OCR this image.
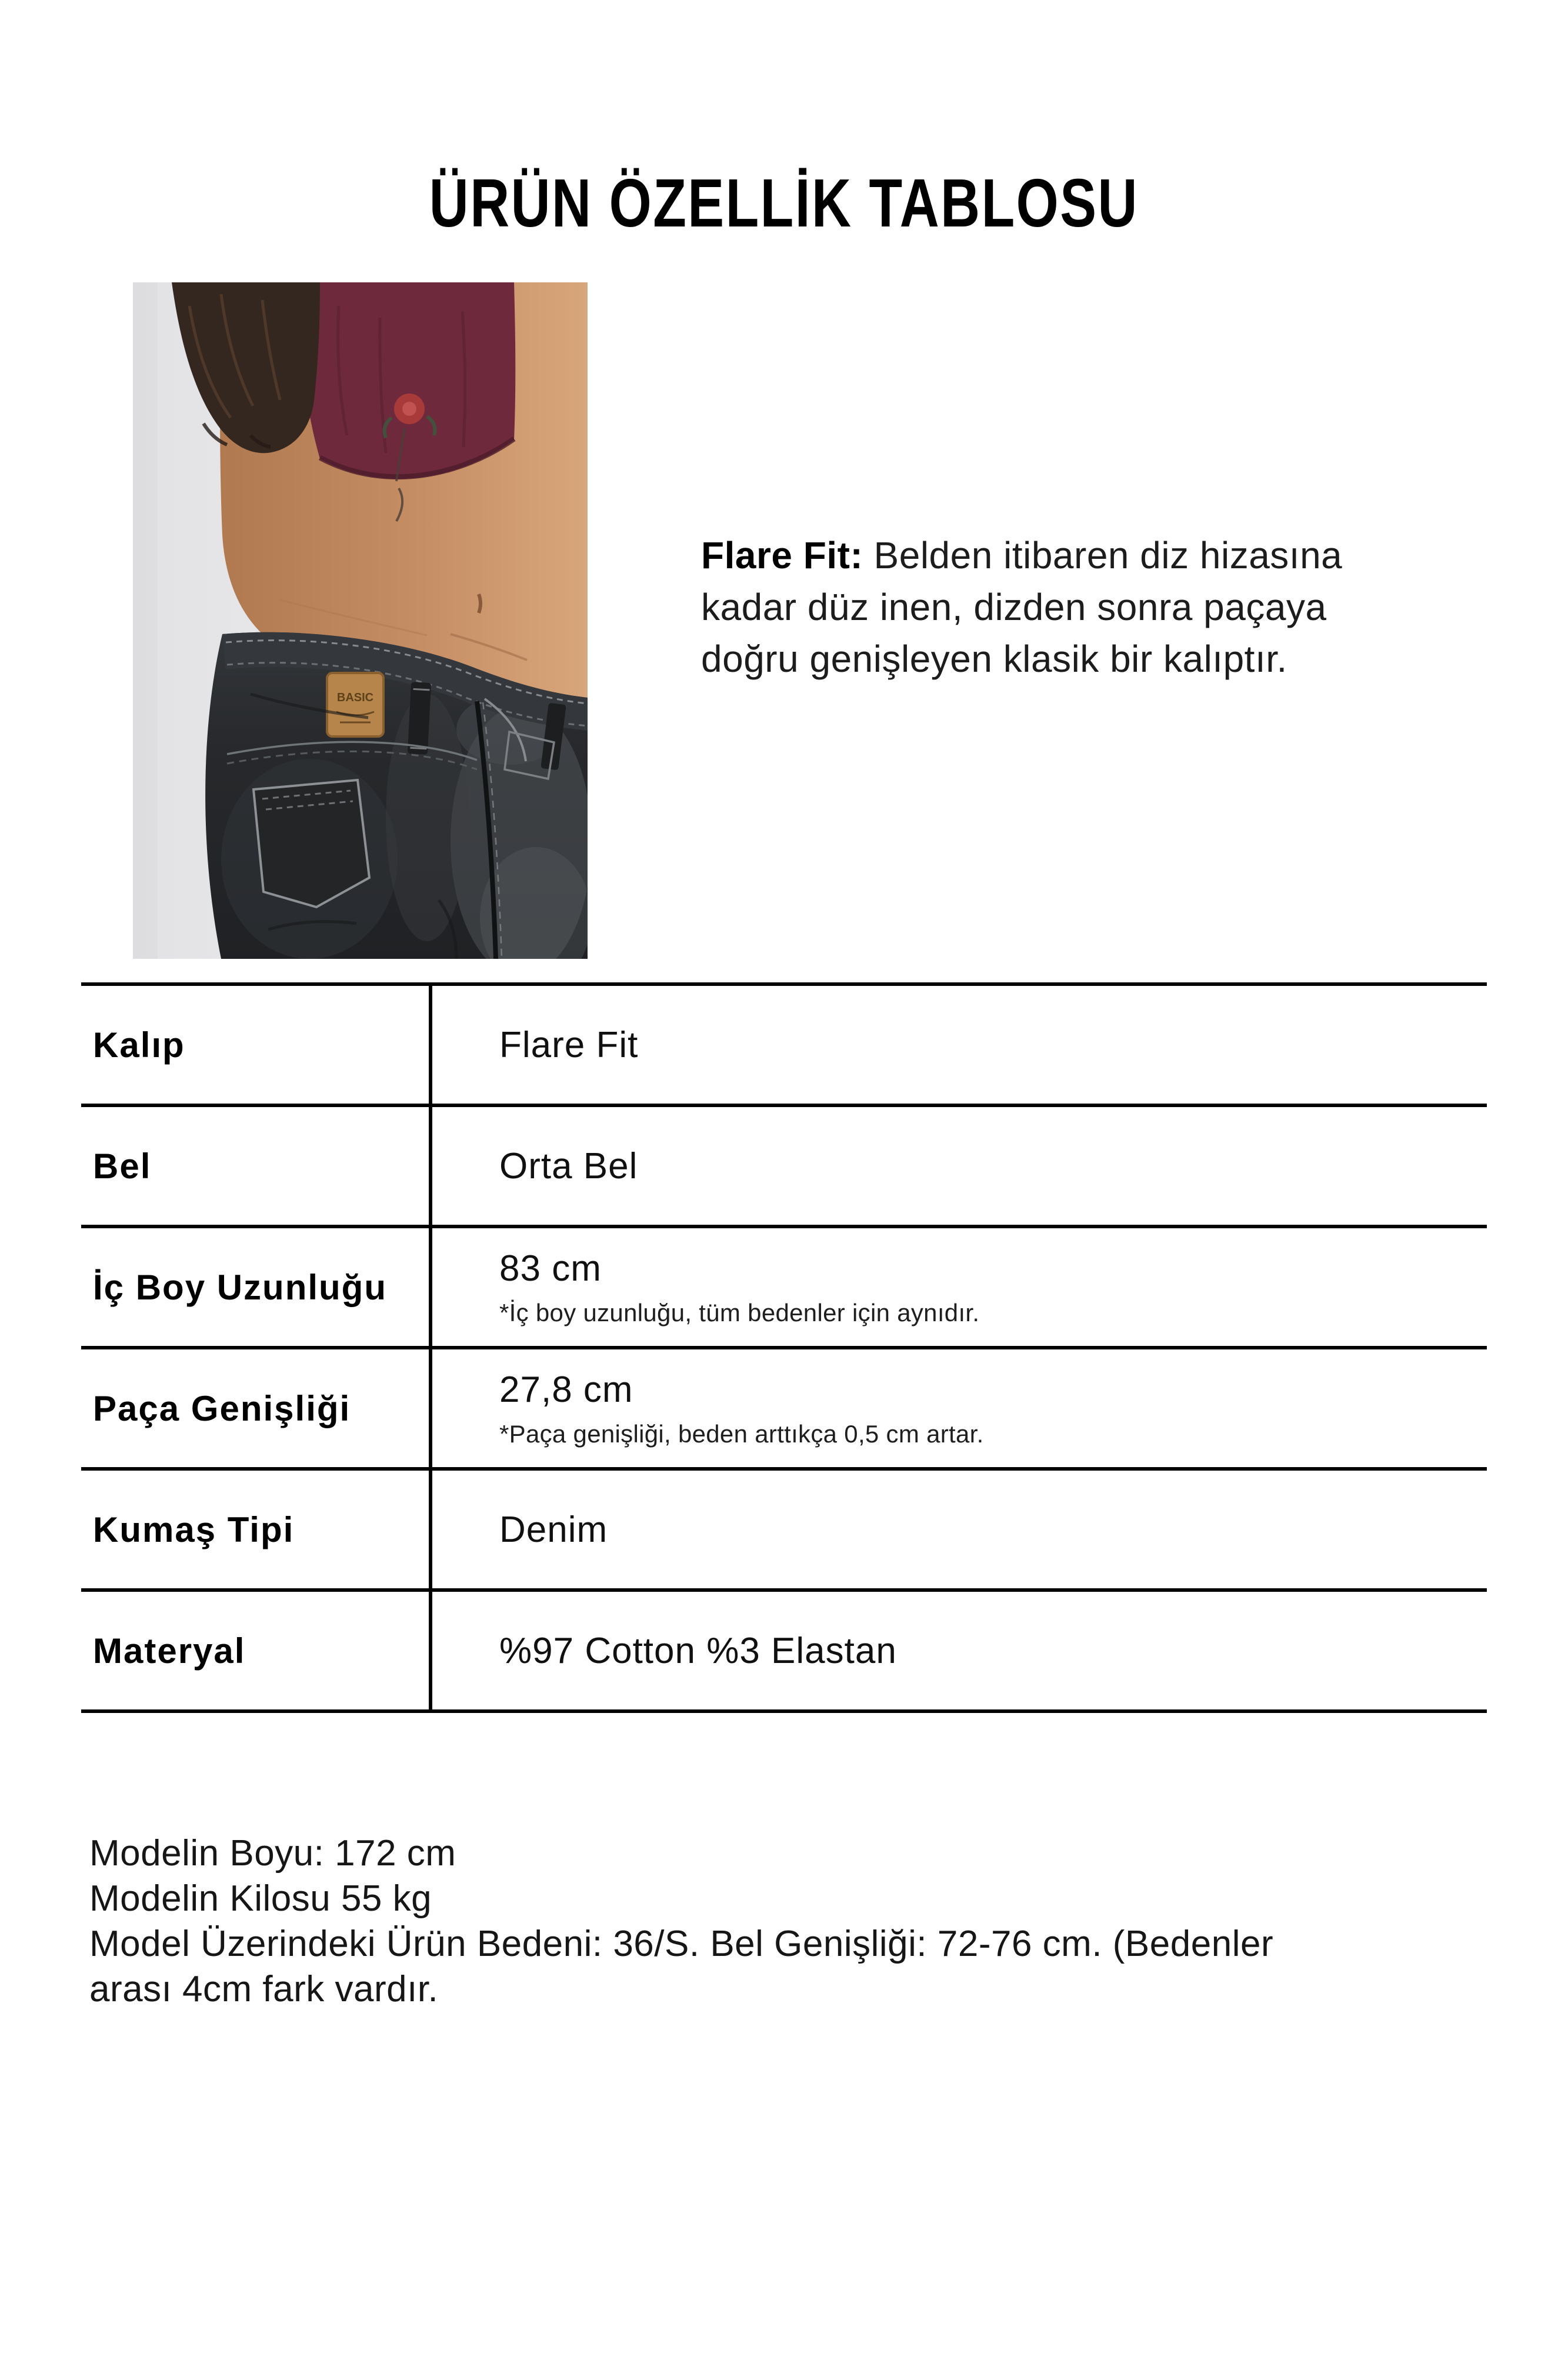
ÜRÜN ÖZELLİK TABLOSU
BASIC
Flare Fit: Belden itibaren diz hizasına
kadar düz inen, dizden sonra paçaya
doğru genişleyen klasik bir kalıptır.
Kalıp	Flare Fit
Bel	Orta Bel
İç Boy Uzunluğu	83 cm
*İç boy uzunluğu, tüm bedenler için aynıdır.
Paça Genişliği	27,8 cm
*Paça genişliği, beden arttıkça 0,5 cm artar.
Kumaş Tipi	Denim
Materyal	%97 Cotton %3 Elastan
Modelin Boyu: 172 cm
Modelin Kilosu 55 kg
Model Üzerindeki Ürün Bedeni: 36/S. Bel Genişliği: 72-76 cm. (Bedenler
arası 4cm fark vardır.
